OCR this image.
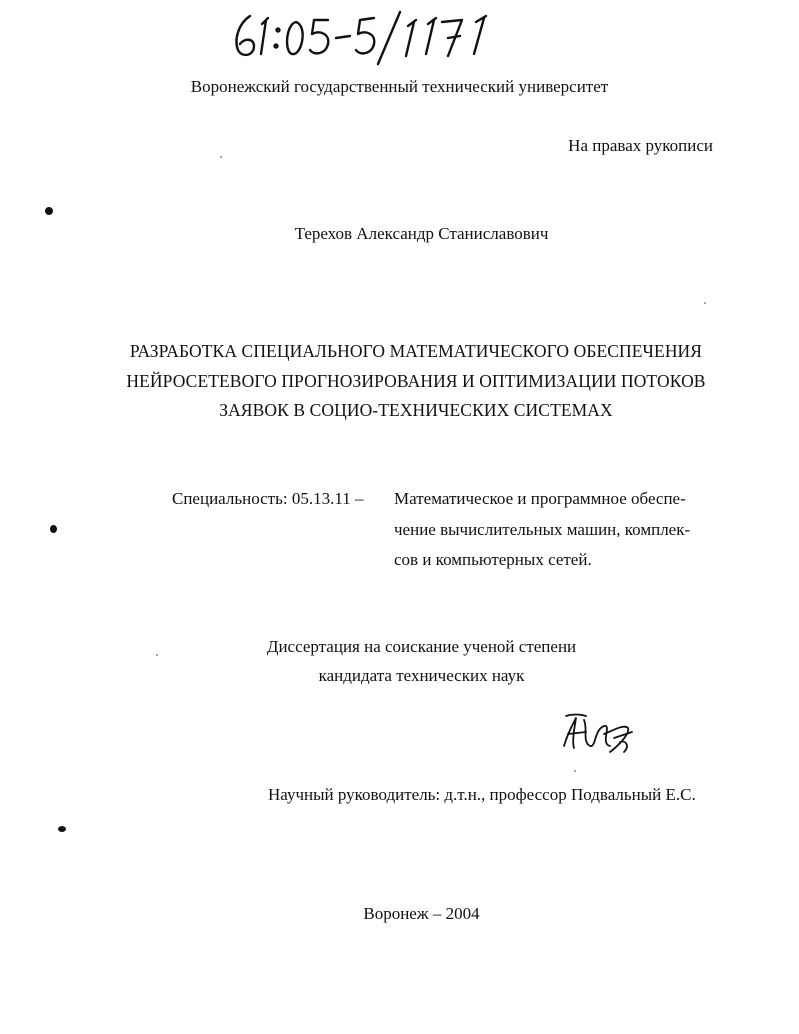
Воронежский государственный технический университет
На правах рукописи
Терехов Александр Станиславович
РАЗРАБОТКА СПЕЦИАЛЬНОГО МАТЕМАТИЧЕСКОГО ОБЕСПЕЧЕНИЯ
НЕЙРОСЕТЕВОГО ПРОГНОЗИРОВАНИЯ И ОПТИМИЗАЦИИ ПОТОКОВ
ЗАЯВОК В СОЦИО-ТЕХНИЧЕСКИХ СИСТЕМАХ
Специальность: 05.13.11 – Математическое и программное обеспе-
чение вычислительных машин, комплек-
сов и компьютерных сетей.
Диссертация на соискание ученой степени
кандидата технических наук
Научный руководитель: д.т.н., профессор Подвальный Е.С.
Воронеж – 2004
